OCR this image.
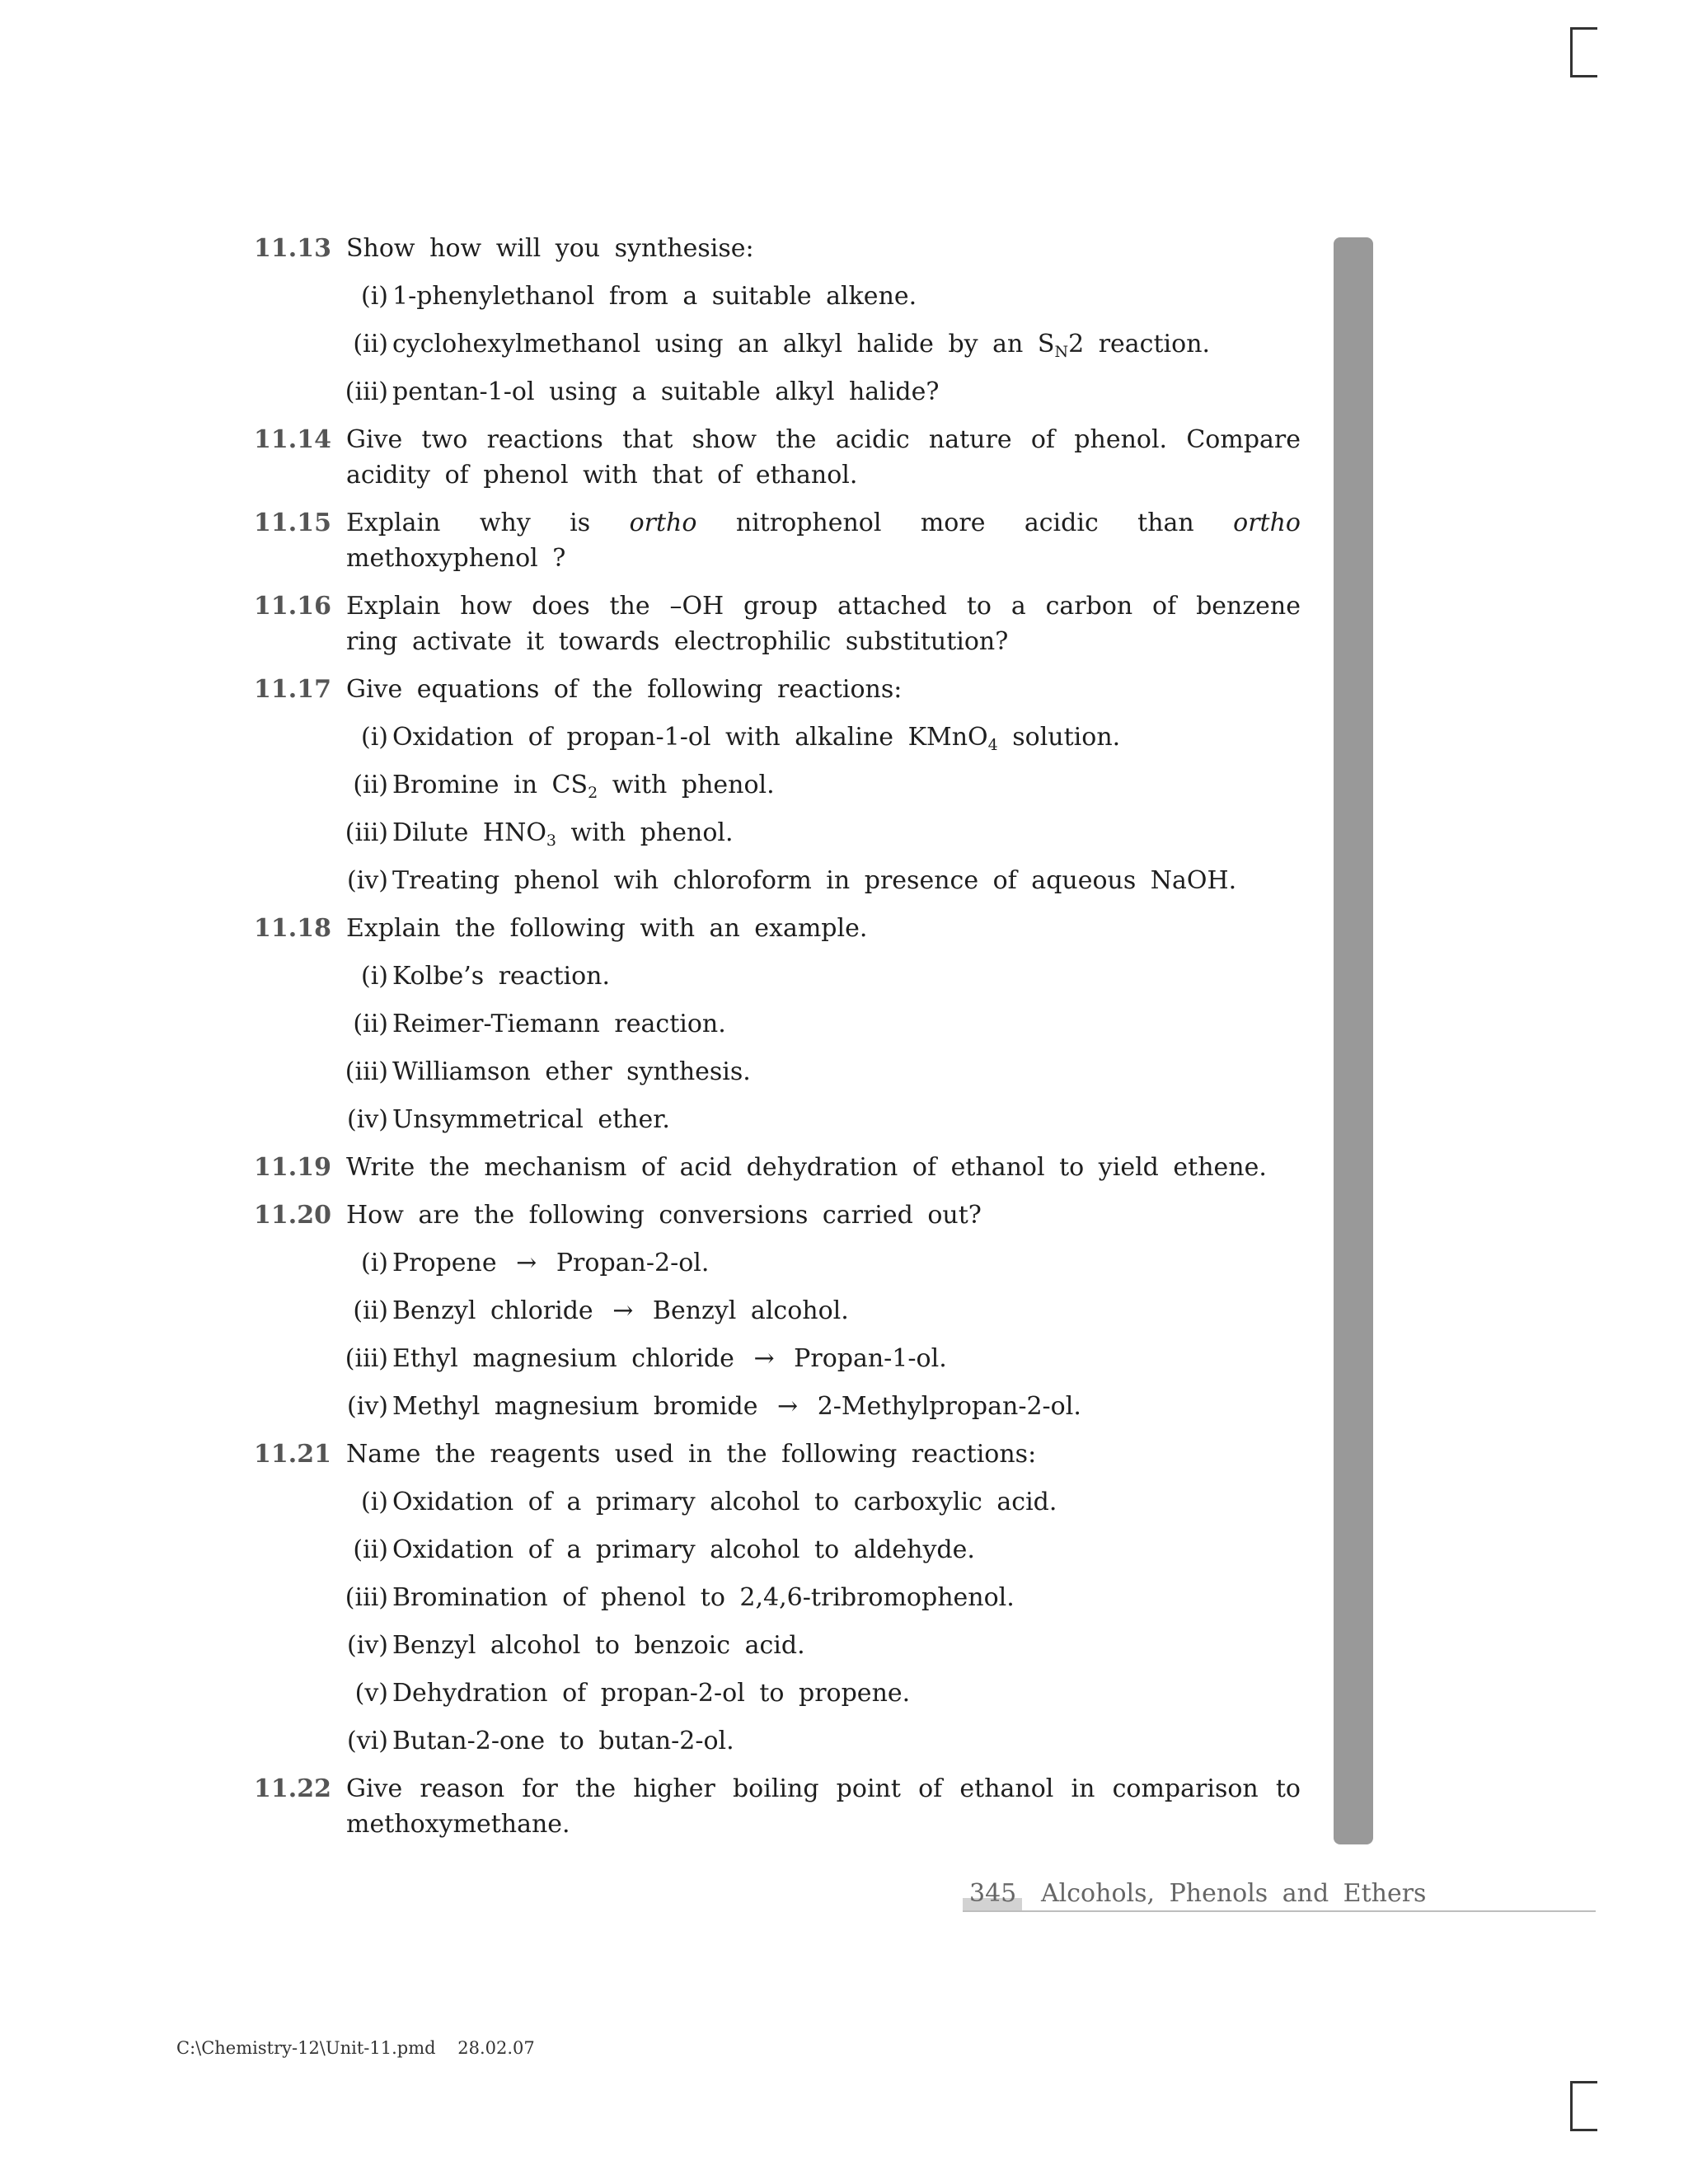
11.13 Show how will you synthesise:
(i) 1-phenylethanol from a suitable alkene.
(ii) cyclohexylmethanol using an alkyl halide by an $S_N2$ reaction.
(iii) pentan-1-ol using a suitable alkyl halide?
11.14 Give two reactions that show the acidic nature of phenol. Compare acidity of phenol with that of ethanol.
11.15 Explain why is ortho nitrophenol more acidic than ortho methoxyphenol ?
11.16 Explain how does the –OH group attached to a carbon of benzene ring activate it towards electrophilic substitution?
11.17 Give equations of the following reactions:
(i) Oxidation of propan-1-ol with alkaline KMnO$_4$ solution.
(ii) Bromine in $CS_2$ with phenol.
(iii) Dilute $HNO_3$ with phenol.
(iv) Treating phenol wih chloroform in presence of aqueous NaOH.
11.18 Explain the following with an example.
(i) Kolbe’s reaction.
(ii) Reimer-Tiemann reaction.
(iii) Williamson ether synthesis.
(iv) Unsymmetrical ether.
11.19 Write the mechanism of acid dehydration of ethanol to yield ethene.
11.20 How are the following conversions carried out?
(i) Propene → Propan-2-ol.
(ii) Benzyl chloride → Benzyl alcohol.
(iii) Ethyl magnesium chloride → Propan-1-ol.
(iv) Methyl magnesium bromide → 2-Methylpropan-2-ol.
11.21 Name the reagents used in the following reactions:
(i) Oxidation of a primary alcohol to carboxylic acid.
(ii) Oxidation of a primary alcohol to aldehyde.
(iii) Bromination of phenol to 2,4,6-tribromophenol.
(iv) Benzyl alcohol to benzoic acid.
(v) Dehydration of propan-2-ol to propene.
(vi) Butan-2-one to butan-2-ol.
11.22 Give reason for the higher boiling point of ethanol in comparison to methoxymethane.
345 Alcohols, Phenols and Ethers
C:\Chemistry-12\Unit-11.pmd 28.02.07
